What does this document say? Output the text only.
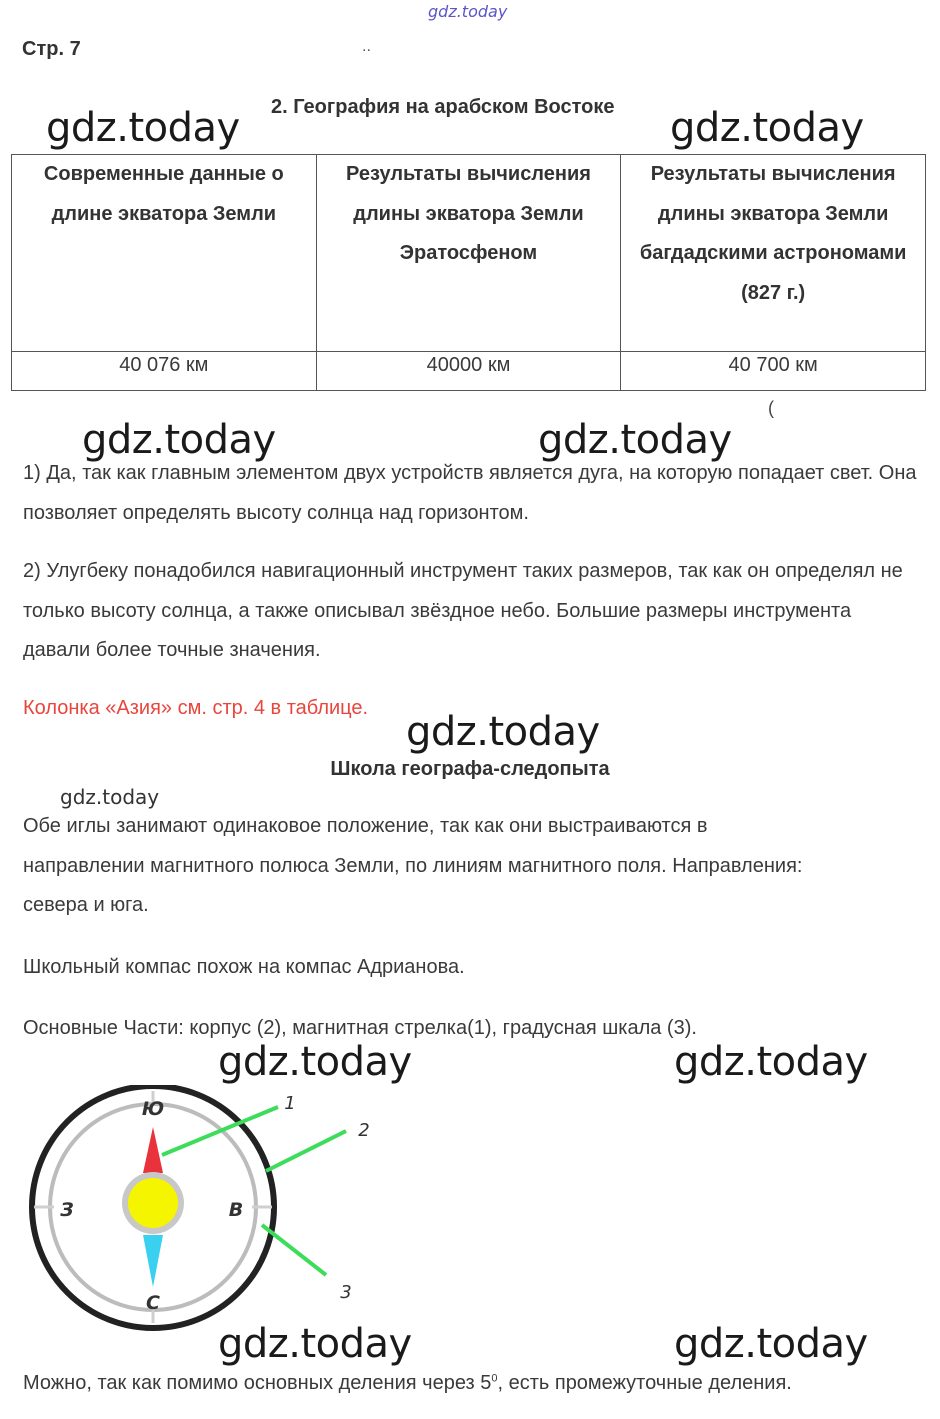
gdz.today
Стр. 7	..
2. География на арабском Востоке
Современные данные о длине экватора Земли	Результаты вычисления длины экватора Земли Эратосфеном	Результаты вычисления длины экватора Земли багдадскими астрономами (827 г.)
40 076 км	40000 км	40 700 км
(
1) Да, так как главным элементом двух устройств является дуга, на которую попадает свет. Она позволяет определять высоту солнца над горизонтом.
2) Улугбеку понадобился навигационный инструмент таких размеров, так как он определял не только высоту солнца, а также описывал звёздное небо. Большие размеры инструмента давали более точные значения.
Колонка «Азия» см. стр. 4 в таблице.
Школа географа-следопыта
Обе иглы занимают одинаковое положение, так как они выстраиваются в направлении магнитного полюса Земли, по линиям магнитного поля. Направления: севера и юга.
Школьный компас похож на компас Адрианова.
Основные Части: корпус (2), магнитная стрелка(1), градусная шкала (3).
Ю
С
З	В
1
2
3
Можно, так как помимо основных деления через $5^0$, есть промежуточные деления.
gdz.today	gdz.today
gdz.today	gdz.today
gdz.today
gdz.today
gdz.today	gdz.today
gdz.today	gdz.today
